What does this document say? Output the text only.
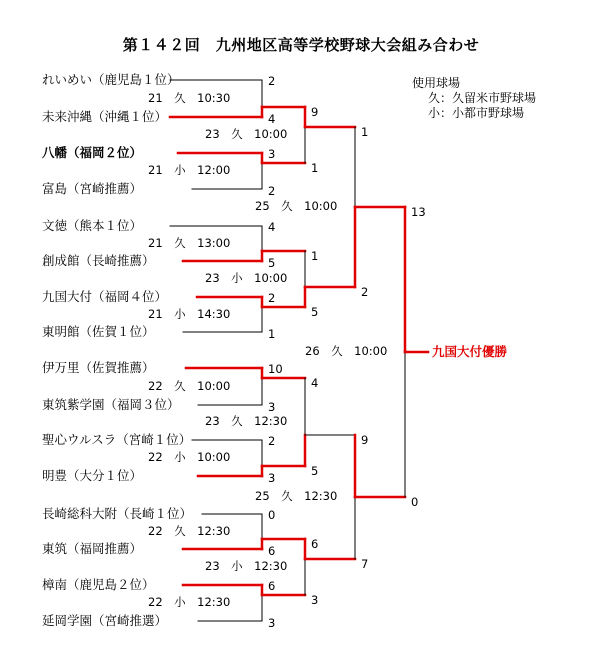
第１４２回　九州地区高等学校野球大会組み合わせ
れいめい（鹿児島１位）
未来沖縄（沖縄１位）
八幡（福岡２位）
富島（宮崎推薦）
文徳（熊本１位）
創成館（長崎推薦）
九国大付（福岡４位）
東明館（佐賀１位）
伊万里（佐賀推薦）
東筑紫学園（福岡３位）
聖心ウルスラ（宮崎１位）
明豊（大分１位）
長崎総科大附（長崎１位）
東筑（福岡推薦）
樟南（鹿児島２位）
延岡学園（宮崎推選）
2
4
21　久　10:30
3
2
21　小　12:00
4
5
21　久　13:00
2
1
21　小　14:30
10
3
22　久　10:00
2
3
22　小　10:00
0
6
22　久　12:30
6
3
22　小　12:30
9
1
23　久　10:00
1
5
23　小　10:00
4
5
23　久　12:30
6
3
23　小　12:30
1
2
25　久　10:00
9
7
25　久　12:30
13
0
26　久　10:00	九国大付優勝
使用球場
久：久留米市野球場
小：小都市野球場
